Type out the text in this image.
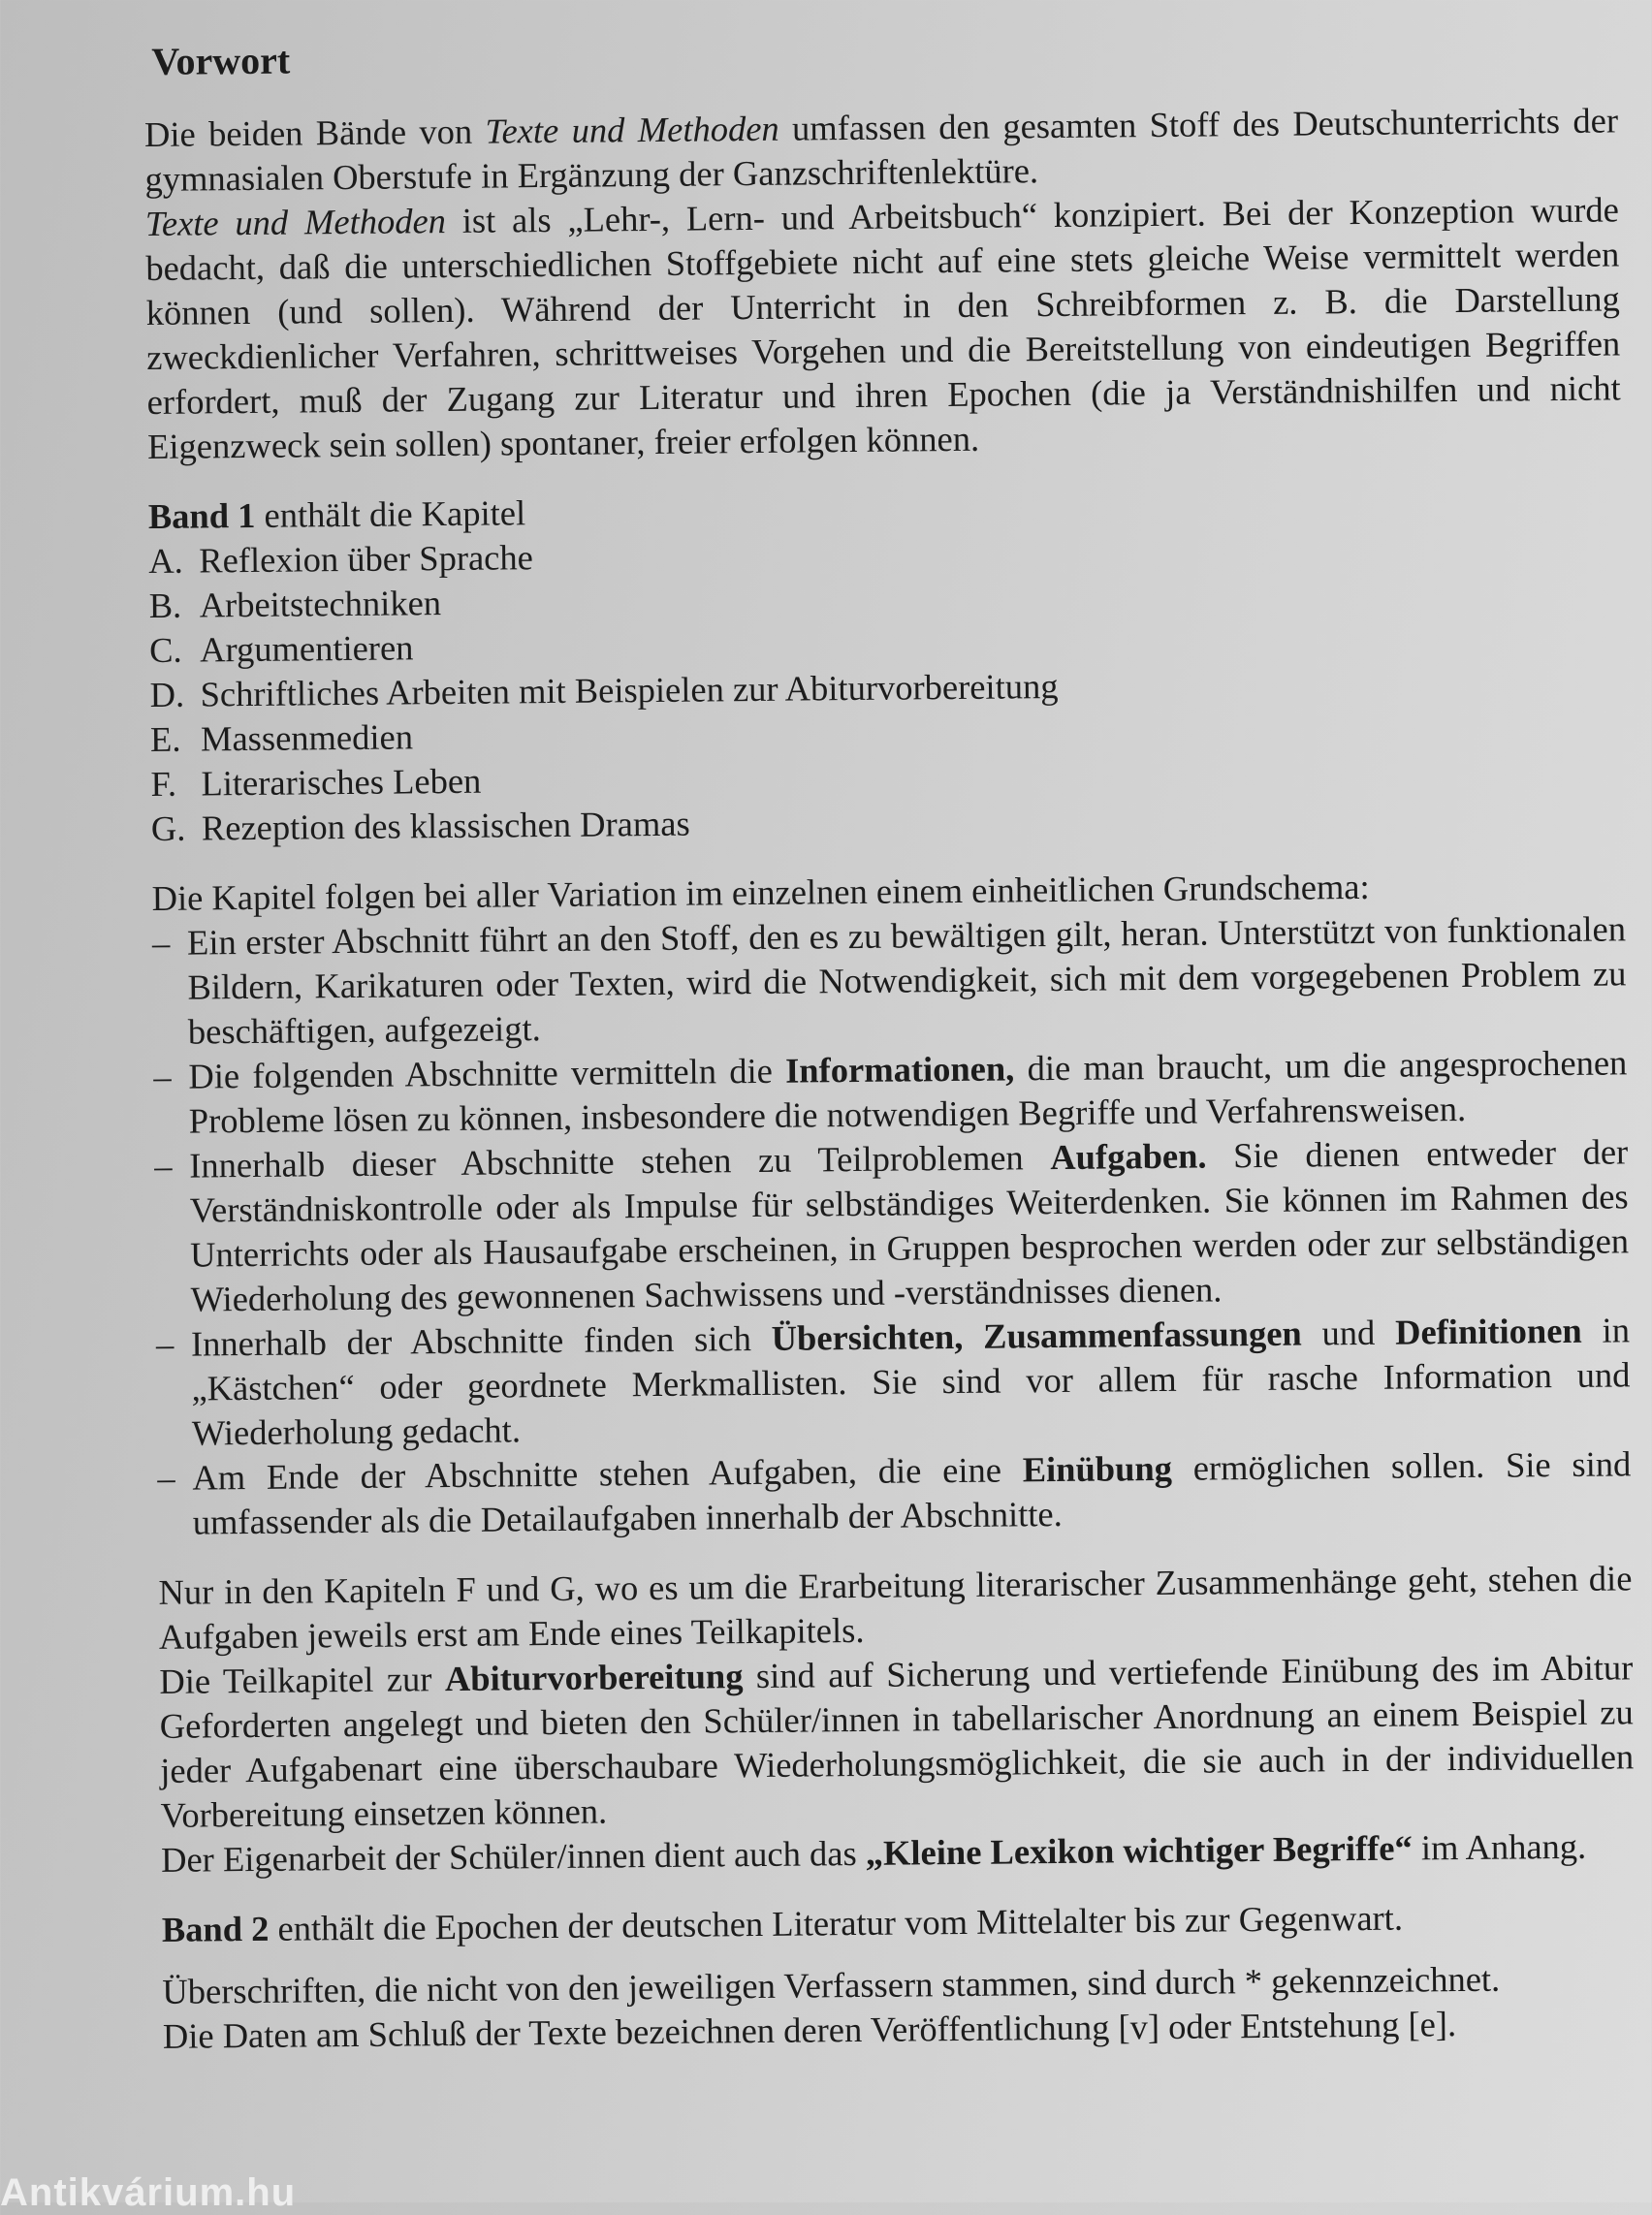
Vorwort

Die beiden Bände von Texte und Methoden umfassen den gesamten Stoff des Deutschunterrichts der gymnasialen Oberstufe in Ergänzung der Ganzschriftenlektüre.
Texte und Methoden ist als „Lehr-, Lern- und Arbeitsbuch“ konzipiert. Bei der Konzeption wurde bedacht, daß die unterschiedlichen Stoffgebiete nicht auf eine stets gleiche Weise vermittelt werden können (und sollen). Während der Unterricht in den Schreibformen z. B. die Darstellung zweckdienlicher Verfahren, schrittweises Vorgehen und die Bereitstellung von eindeutigen Begriffen erfordert, muß der Zugang zur Literatur und ihren Epochen (die ja Verständnishilfen und nicht Eigenzweck sein sollen) spontaner, freier erfolgen können.

Band 1 enthält die Kapitel
A. Reflexion über Sprache
B. Arbeitstechniken
C. Argumentieren
D. Schriftliches Arbeiten mit Beispielen zur Abiturvorbereitung
E. Massenmedien
F. Literarisches Leben
G. Rezeption des klassischen Dramas
Die Kapitel folgen bei aller Variation im einzelnen einem einheitlichen Grundschema:
– Ein erster Abschnitt führt an den Stoff, den es zu bewältigen gilt, heran. Unterstützt von funktionalen Bildern, Karikaturen oder Texten, wird die Notwendigkeit, sich mit dem vorgegebenen Problem zu beschäftigen, aufgezeigt.
– Die folgenden Abschnitte vermitteln die Informationen, die man braucht, um die angesprochenen Probleme lösen zu können, insbesondere die notwendigen Begriffe und Verfahrensweisen.
– Innerhalb dieser Abschnitte stehen zu Teilproblemen Aufgaben. Sie dienen entweder der Verständniskontrolle oder als Impulse für selbständiges Weiterdenken. Sie können im Rahmen des Unterrichts oder als Hausaufgabe erscheinen, in Gruppen besprochen werden oder zur selbständigen Wiederholung des gewonnenen Sachwissens und -verständnisses dienen.
– Innerhalb der Abschnitte finden sich Übersichten, Zusammenfassungen und Definitionen in „Kästchen“ oder geordnete Merkmallisten. Sie sind vor allem für rasche Information und Wiederholung gedacht.
– Am Ende der Abschnitte stehen Aufgaben, die eine Einübung ermöglichen sollen. Sie sind umfassender als die Detailaufgaben innerhalb der Abschnitte.

Nur in den Kapiteln F und G, wo es um die Erarbeitung literarischer Zusammenhänge geht, stehen die Aufgaben jeweils erst am Ende eines Teilkapitels.

Die Teilkapitel zur Abiturvorbereitung sind auf Sicherung und vertiefende Einübung des im Abitur Geforderten angelegt und bieten den Schüler/innen in tabellarischer Anordnung an einem Beispiel zu jeder Aufgabenart eine überschaubare Wiederholungsmöglichkeit, die sie auch in der individuellen Vorbereitung einsetzen können.

Der Eigenarbeit der Schüler/innen dient auch das „Kleine Lexikon wichtiger Begriffe“ im Anhang.

Band 2 enthält die Epochen der deutschen Literatur vom Mittelalter bis zur Gegenwart.

Überschriften, die nicht von den jeweiligen Verfassern stammen, sind durch * gekennzeichnet.

Die Daten am Schluß der Texte bezeichnen deren Veröffentlichung [v] oder Entstehung [e].

Antikvárium.hu
